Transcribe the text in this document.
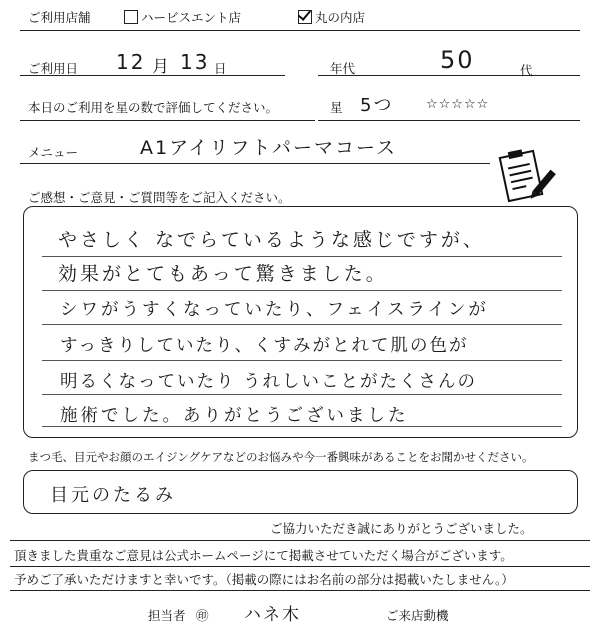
ご利用店舗	ハービスエント店	丸の内店
ご利用日 12 月 13 日	年代	50	代
本日のご利用を星の数で評価してください。	星 5つ	☆☆☆☆☆
メニュー	A1アイリフトパーマコース
ご感想・ご意見・ご質問等をご記入ください。
やさしく なでらているような感じですが、
効果がとてもあって驚きました。
シワがうすくなっていたり、フェイスラインが
すっきりしていたり、くすみがとれて肌の色が
明るくなっていたり うれしいことがたくさんの
施術でした。ありがとうございました
まつ毛、目元やお顔のエイジングケアなどのお悩みや今一番興味があることをお聞かせください。
目元のたるみ
ご協力いただき誠にありがとうございました。
頂きました貴重なご意見は公式ホームページにて掲載させていただく場合がございます。
予めご了承いただけますと幸いです。（掲載の際にはお名前の部分は掲載いたしません。）
担当者 ㊞ ハネ木	ご来店動機
